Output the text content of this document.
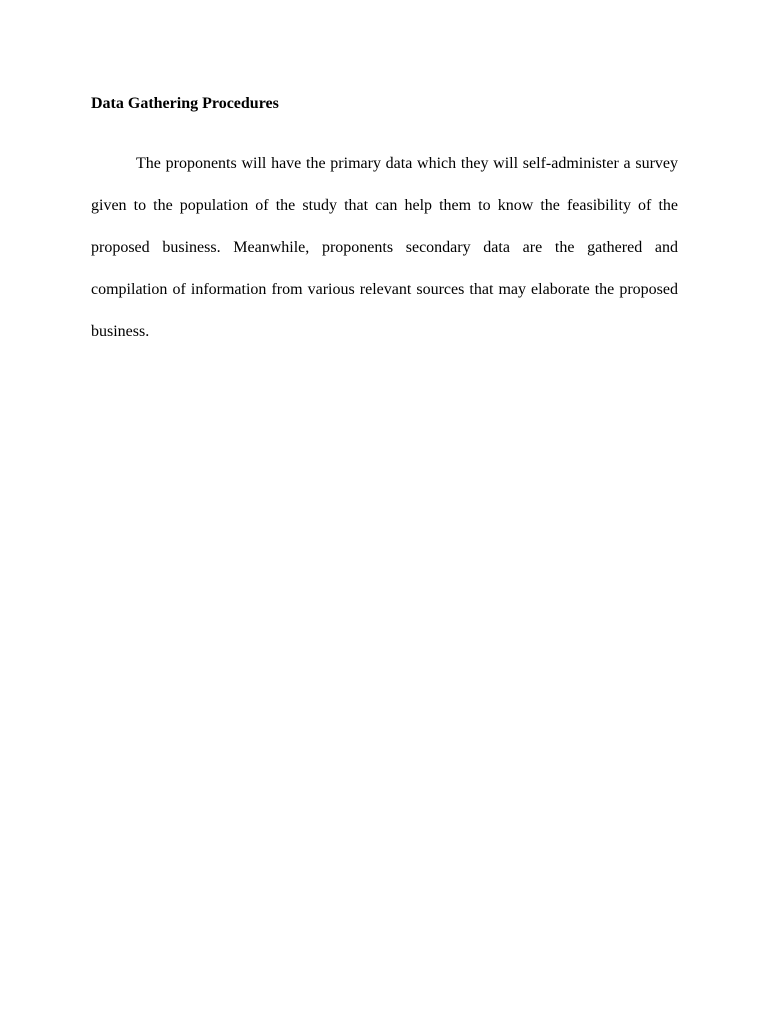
Data Gathering Procedures

The proponents will have the primary data which they will self-administer a survey given to the population of the study that can help them to know the feasibility of the proposed business. Meanwhile, proponents secondary data are the gathered and compilation of information from various relevant sources that may elaborate the proposed business.
